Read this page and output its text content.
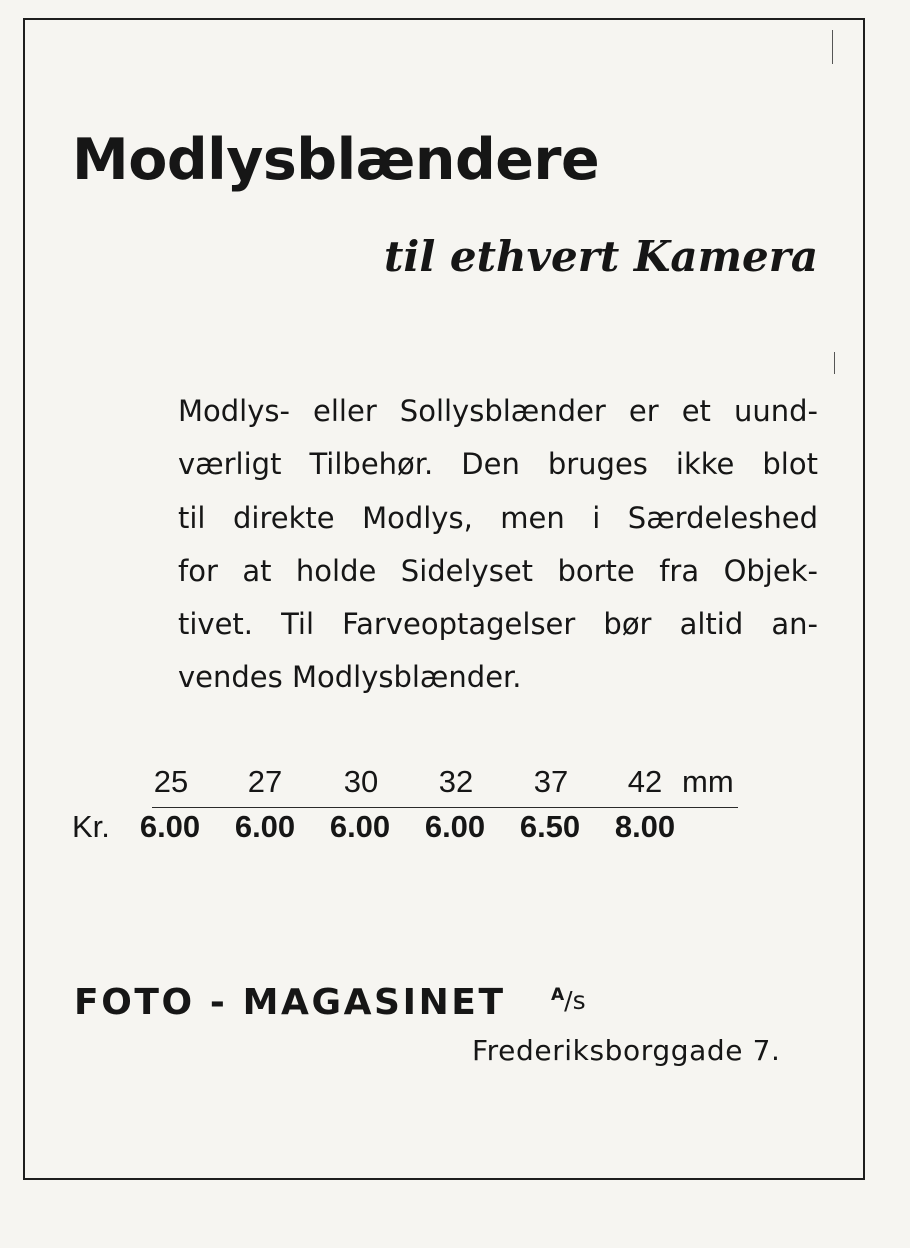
Modlysblændere
til ethvert Kamera
Modlys- eller Sollysblænder er et uund-
værligt Tilbehør. Den bruges ikke blot
til direkte Modlys, men i Særdeleshed
for at holde Sidelyset borte fra Objek-
tivet. Til Farveoptagelser bør altid an-
vendes Modlysblænder.
25	27	30	32	37	42 mm
Kr. 6.00	6.00	6.00	6.00	6.50	8.00
FOTO - MAGASINET	$^A$/s
Frederiksborggade 7.
